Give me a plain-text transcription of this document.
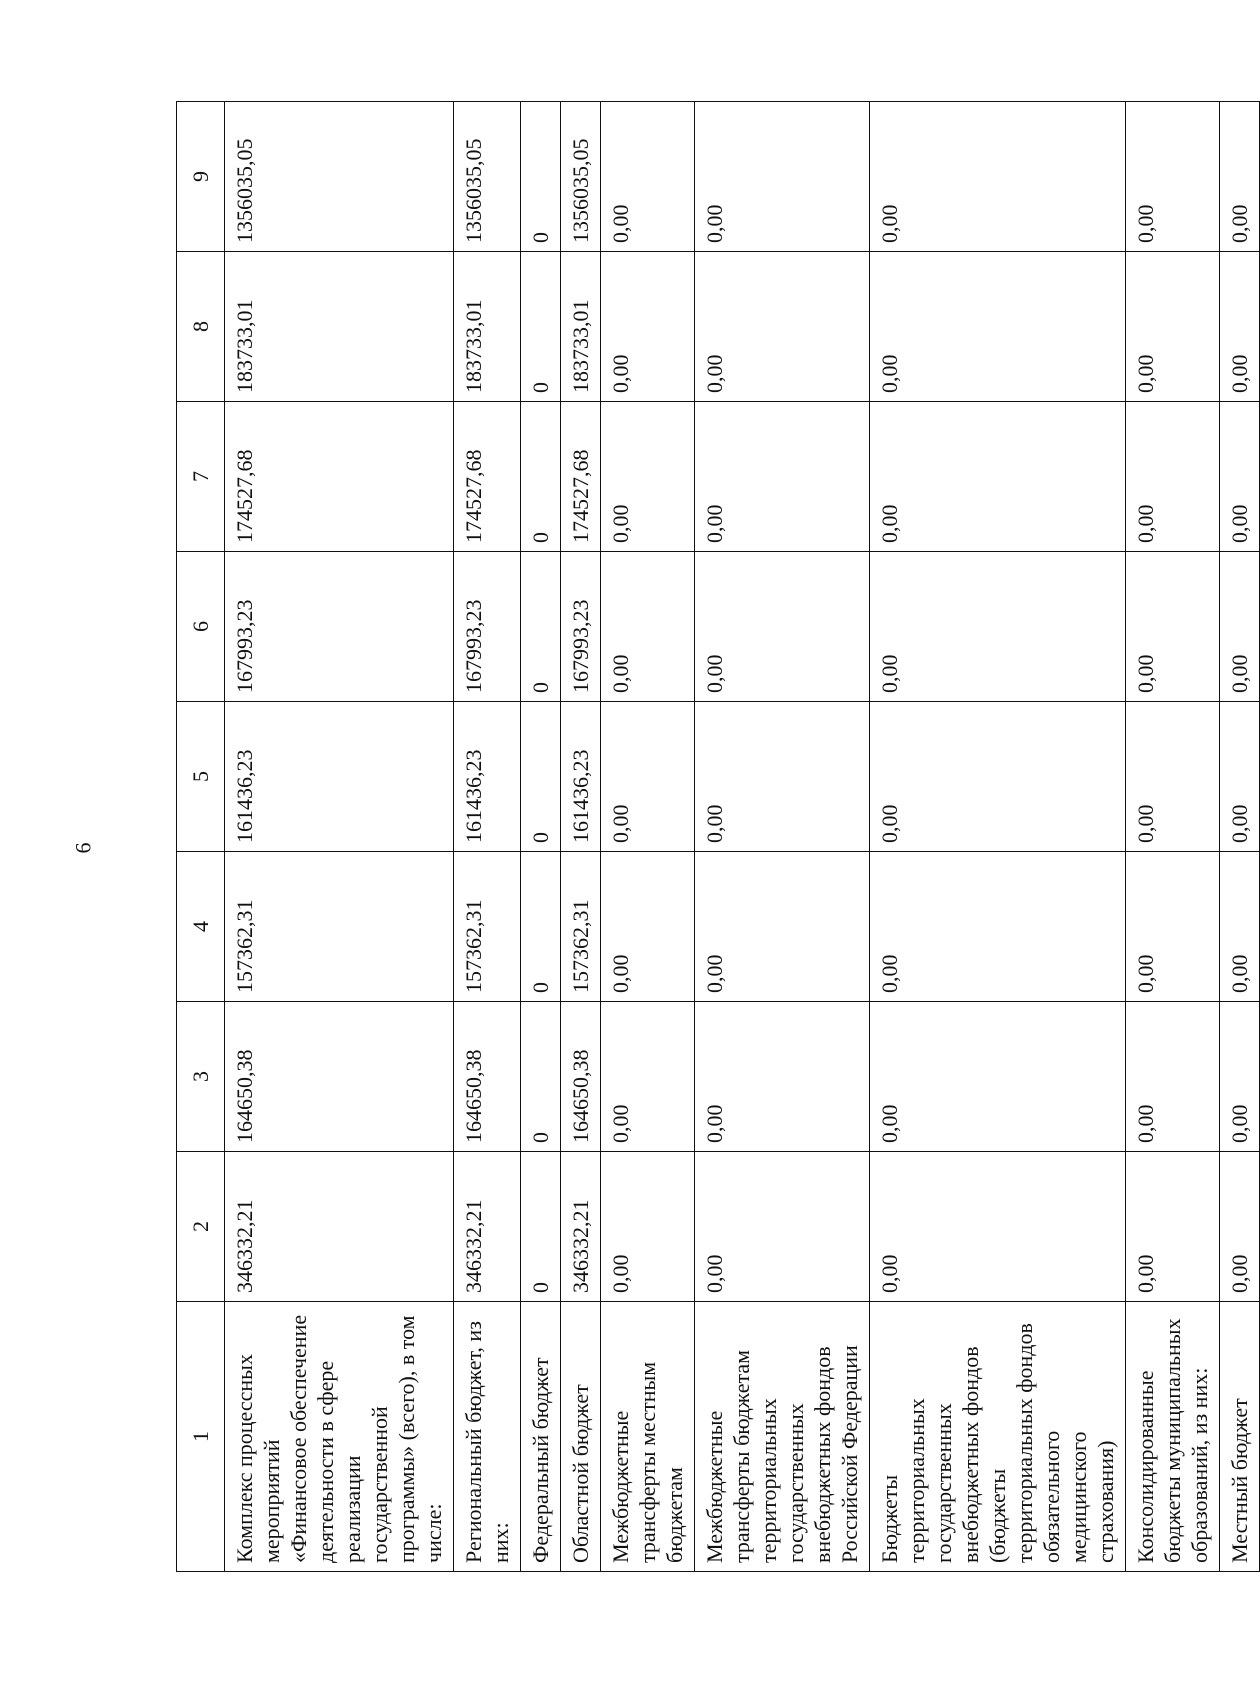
6
1	2	3	4	5	6	7	8	9
Комплекс процессных мероприятий «Финансовое обеспечение деятельности в сфере реализации государственной программы» (всего), в том числе:	346332,21	164650,38	157362,31	161436,23	167993,23	174527,68	183733,01	1356035,05
Региональный бюджет, из них:	346332,21	164650,38	157362,31	161436,23	167993,23	174527,68	183733,01	1356035,05
Федеральный бюджет	0	0	0	0	0	0	0	0
Областной бюджет	346332,21	164650,38	157362,31	161436,23	167993,23	174527,68	183733,01	1356035,05
Межбюджетные трансферты местным бюджетам	0,00	0,00	0,00	0,00	0,00	0,00	0,00	0,00
Межбюджетные трансферты бюджетам территориальных государственных внебюджетных фондов Российской Федерации	0,00	0,00	0,00	0,00	0,00	0,00	0,00	0,00
Бюджеты территориальных государственных внебюджетных фондов (бюджеты территориальных фондов обязательного медицинского страхования)	0,00	0,00	0,00	0,00	0,00	0,00	0,00	0,00
Консолидированные бюджеты муниципальных образований, из них:	0,00	0,00	0,00	0,00	0,00	0,00	0,00	0,00
Местный бюджет	0,00	0,00	0,00	0,00	0,00	0,00	0,00	0,00
